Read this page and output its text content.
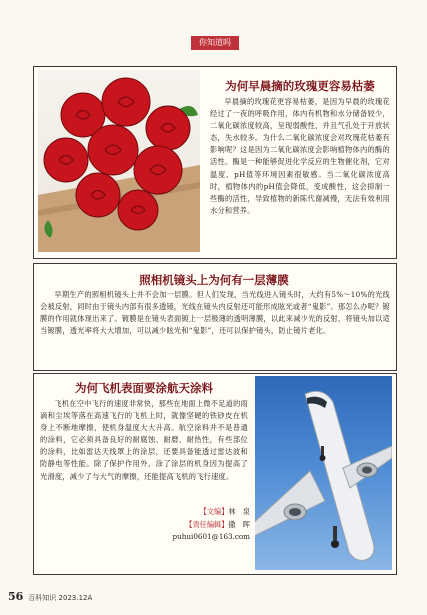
你知道吗
为何早晨摘的玫瑰更容易枯萎

早晨摘的玫瑰花更容易枯萎，是因为早晨的玫瑰花经过了一夜的呼吸作用，体内有机物和水分储备较少，二氧化碳浓度较高，呈现弱酸性，并且气孔处于开放状态，失水较多。为什么二氧化碳浓度会对玫瑰花枯萎有影响呢？这是因为二氧化碳浓度会影响植物体内的酶的活性。酶是一种能够促进化学反应的生物催化剂，它对温度、pH值等环境因素很敏感。当二氧化碳浓度高时，植物体内的pH值会降低，变成酸性，这会抑制一些酶的活性，导致植物的新陈代谢减慢，无法有效利用水分和营养。

照相机镜头上为何有一层薄膜

早期生产的照相机镜头上并不会加一层膜。但人们发现，当光线进入镜头时，大约有5%～10%的光线会被反射，同时由于镜头内部有很多透镜，光线在镜头内反射还可能形成眩光或者“鬼影”。那怎么办呢？镀膜的作用就体现出来了。镀膜是在镜头表面镀上一层极薄的透明薄膜，以此来减少光的反射，将镜头加以适当镀膜，透光率将大大增加，可以减少眩光和“鬼影”，还可以保护镜头，防止镜片老化。

为何飞机表面要涂航天涂料

飞机在空中飞行的速度非常快，那些在地面上微不足道的雨滴和尘埃等落在高速飞行的飞机上时，就像坚硬的铁砂皮在机身上不断地摩擦，使机身温度大大升高。航空涂料并不是普通的涂料，它必须具备良好的耐腐蚀、耐磨、耐热性，有些部位的涂料，比如雷达天线罩上的涂层，还要具备能透过雷达波和防静电等性能。除了保护作用外，涂了涂层的机身因为提高了光滑度，减少了与大气的摩擦，还能提高飞机的飞行速度。

【文编】林　泉
【责任编辑】撒　晖
puhui0601@163.com
56 百科知识 2023.12A
